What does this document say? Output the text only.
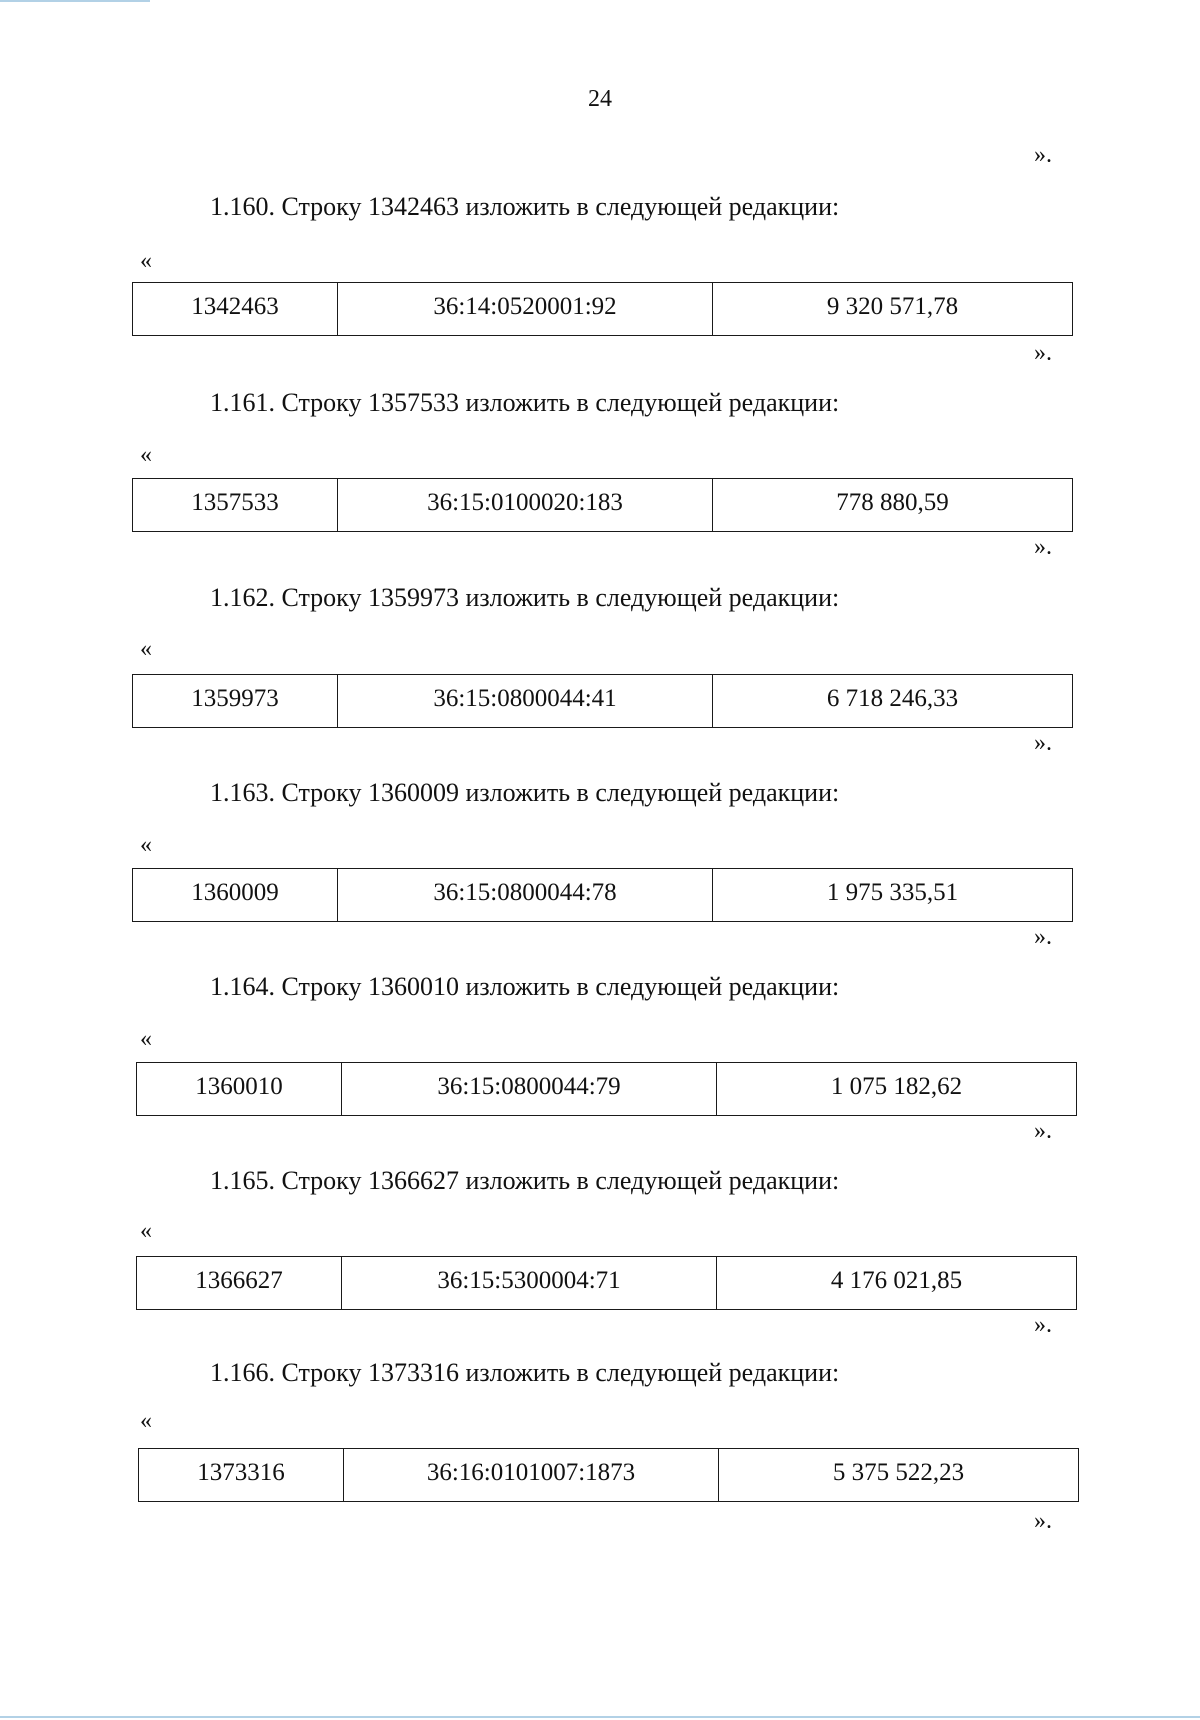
24

».

1.160. Строку 1342463 изложить в следующей редакции:

«

1342463	36:14:0520001:92	9 320 571,78

».

1.161. Строку 1357533 изложить в следующей редакции:

«

1357533	36:15:0100020:183	778 880,59

».

1.162. Строку 1359973 изложить в следующей редакции:

«

1359973	36:15:0800044:41	6 718 246,33

».

1.163. Строку 1360009 изложить в следующей редакции:

«

1360009	36:15:0800044:78	1 975 335,51

».

1.164. Строку 1360010 изложить в следующей редакции:

«

1360010	36:15:0800044:79	1 075 182,62

».

1.165. Строку 1366627 изложить в следующей редакции:

«

1366627	36:15:5300004:71	4 176 021,85

».

1.166. Строку 1373316 изложить в следующей редакции:

«

1373316	36:16:0101007:1873	5 375 522,23

».
